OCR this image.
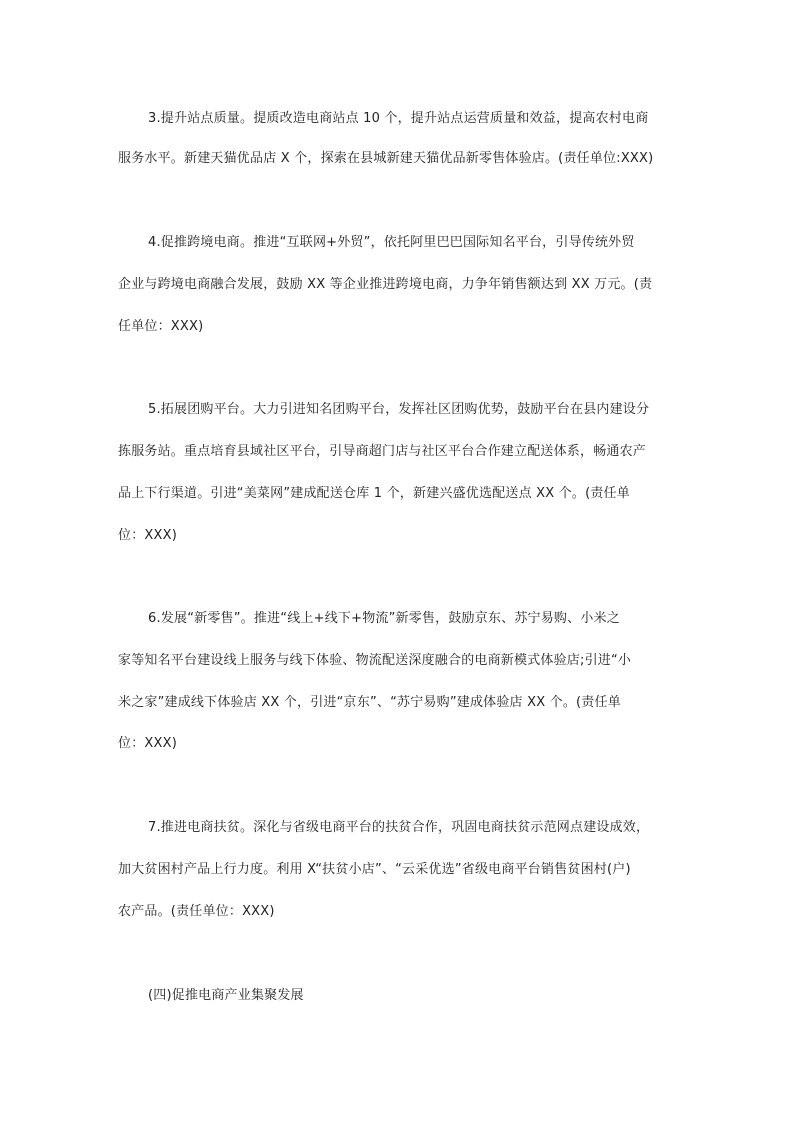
3.提升站点质量。提质改造电商站点 10 个，提升站点运营质量和效益，提高农村电商

服务水平。新建天猫优品店 X 个，探索在县城新建天猫优品新零售体验店。(责任单位:XXX)

4.促推跨境电商。推进“互联网+外贸”，依托阿里巴巴国际知名平台，引导传统外贸

企业与跨境电商融合发展，鼓励 XX 等企业推进跨境电商，力争年销售额达到 XX 万元。(责

任单位：XXX)

5.拓展团购平台。大力引进知名团购平台，发挥社区团购优势，鼓励平台在县内建设分

拣服务站。重点培育县域社区平台，引导商超门店与社区平台合作建立配送体系，畅通农产

品上下行渠道。引进“美菜网”建成配送仓库 1 个，新建兴盛优选配送点 XX 个。(责任单

位：XXX)

6.发展“新零售”。推进“线上+线下+物流”新零售，鼓励京东、苏宁易购、小米之

家等知名平台建设线上服务与线下体验、物流配送深度融合的电商新模式体验店;引进“小

米之家”建成线下体验店 XX 个，引进“京东”、“苏宁易购”建成体验店 XX 个。(责任单

位：XXX)

7.推进电商扶贫。深化与省级电商平台的扶贫合作，巩固电商扶贫示范网点建设成效，

加大贫困村产品上行力度。利用 X“扶贫小店”、“云采优选”省级电商平台销售贫困村(户)

农产品。(责任单位：XXX)

(四)促推电商产业集聚发展
